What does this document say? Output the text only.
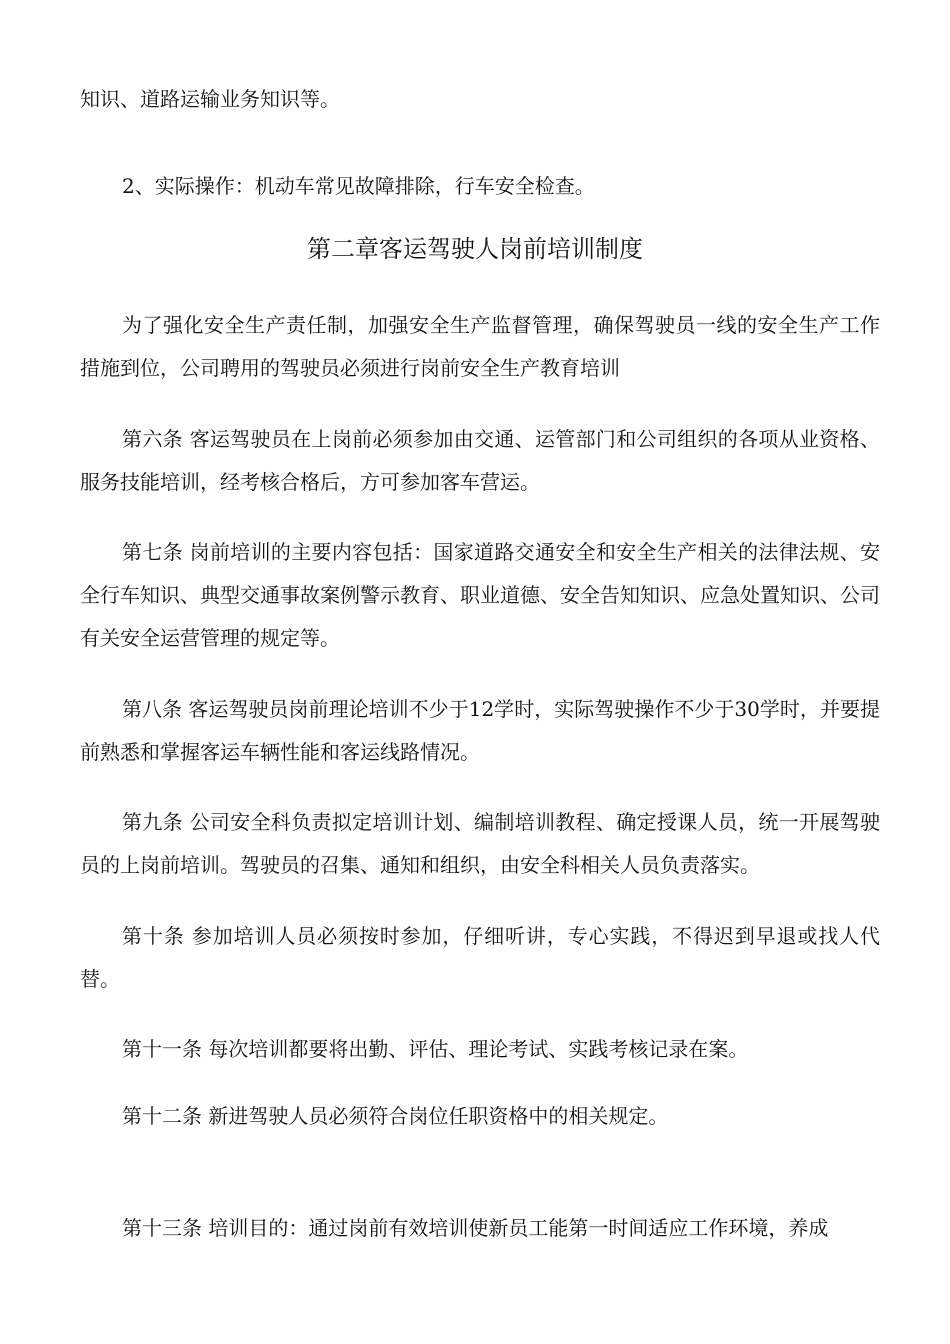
知识、道路运输业务知识等。

2、实际操作：机动车常见故障排除，行车安全检查。

第二章客运驾驶人岗前培训制度

为了强化安全生产责任制，加强安全生产监督管理，确保驾驶员一线的安全生产工作措施到位，公司聘用的驾驶员必须进行岗前安全生产教育培训

第六条 客运驾驶员在上岗前必须参加由交通、运管部门和公司组织的各项从业资格、服务技能培训，经考核合格后，方可参加客车营运。

第七条 岗前培训的主要内容包括：国家道路交通安全和安全生产相关的法律法规、安全行车知识、典型交通事故案例警示教育、职业道德、安全告知知识、应急处置知识、公司有关安全运营管理的规定等。

第八条 客运驾驶员岗前理论培训不少于12学时，实际驾驶操作不少于30学时，并要提前熟悉和掌握客运车辆性能和客运线路情况。

第九条 公司安全科负责拟定培训计划、编制培训教程、确定授课人员，统一开展驾驶员的上岗前培训。驾驶员的召集、通知和组织，由安全科相关人员负责落实。

第十条 参加培训人员必须按时参加，仔细听讲，专心实践，不得迟到早退或找人代替。

第十一条 每次培训都要将出勤、评估、理论考试、实践考核记录在案。

第十二条 新进驾驶人员必须符合岗位任职资格中的相关规定。

第十三条 培训目的：通过岗前有效培训使新员工能第一时间适应工作环境，养成
